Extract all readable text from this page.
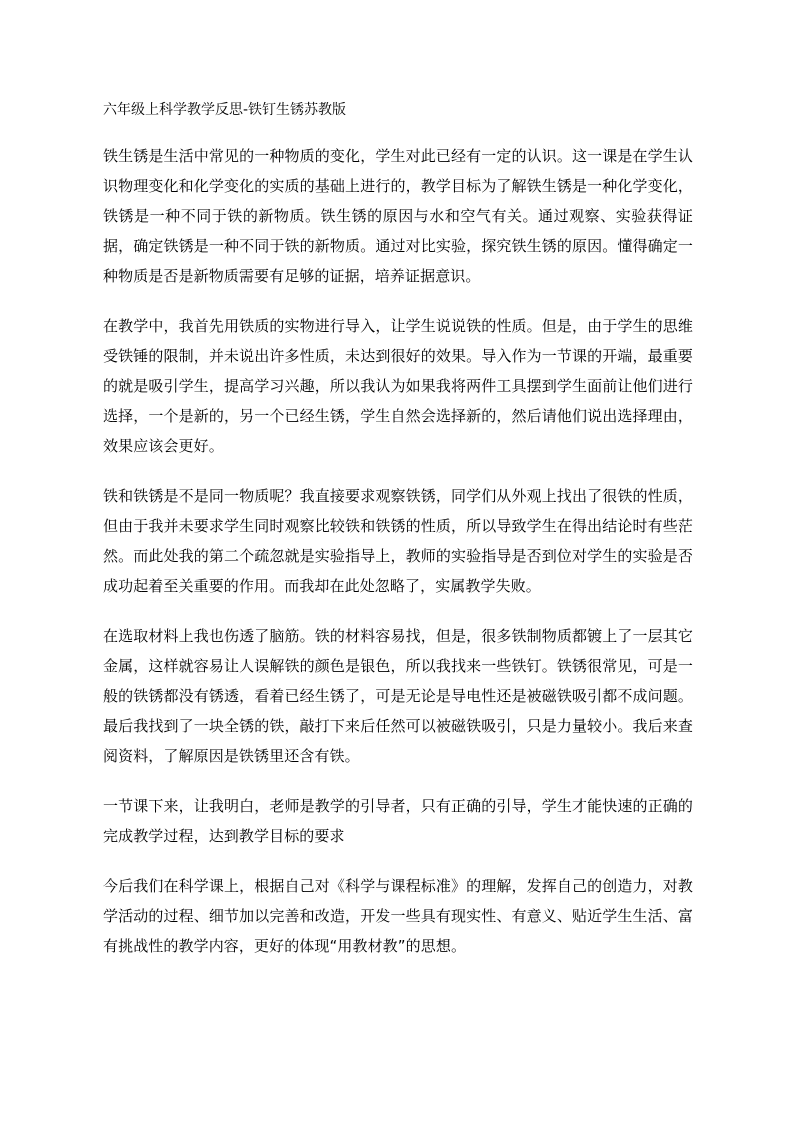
六年级上科学教学反思-铁钉生锈苏教版

铁生锈是生活中常见的一种物质的变化，学生对此已经有一定的认识。这一课是在学生认识物理变化和化学变化的实质的基础上进行的，教学目标为了解铁生锈是一种化学变化，铁锈是一种不同于铁的新物质。铁生锈的原因与水和空气有关。通过观察、实验获得证据，确定铁锈是一种不同于铁的新物质。通过对比实验，探究铁生锈的原因。懂得确定一种物质是否是新物质需要有足够的证据，培养证据意识。

在教学中，我首先用铁质的实物进行导入，让学生说说铁的性质。但是，由于学生的思维受铁锤的限制，并未说出许多性质，未达到很好的效果。导入作为一节课的开端，最重要的就是吸引学生，提高学习兴趣，所以我认为如果我将两件工具摆到学生面前让他们进行选择，一个是新的，另一个已经生锈，学生自然会选择新的，然后请他们说出选择理由，效果应该会更好。

铁和铁锈是不是同一物质呢？我直接要求观察铁锈，同学们从外观上找出了很铁的性质，但由于我并未要求学生同时观察比较铁和铁锈的性质，所以导致学生在得出结论时有些茫然。而此处我的第二个疏忽就是实验指导上，教师的实验指导是否到位对学生的实验是否成功起着至关重要的作用。而我却在此处忽略了，实属教学失败。

在选取材料上我也伤透了脑筋。铁的材料容易找，但是，很多铁制物质都镀上了一层其它金属，这样就容易让人误解铁的颜色是银色，所以我找来一些铁钉。铁锈很常见，可是一般的铁锈都没有锈透，看着已经生锈了，可是无论是导电性还是被磁铁吸引都不成问题。最后我找到了一块全锈的铁，敲打下来后任然可以被磁铁吸引，只是力量较小。我后来查阅资料，了解原因是铁锈里还含有铁。

一节课下来，让我明白，老师是教学的引导者，只有正确的引导，学生才能快速的正确的完成教学过程，达到教学目标的要求

今后我们在科学课上，根据自己对《科学与课程标准》的理解，发挥自己的创造力，对教学活动的过程、细节加以完善和改造，开发一些具有现实性、有意义、贴近学生生活、富有挑战性的教学内容，更好的体现“用教材教”的思想。
